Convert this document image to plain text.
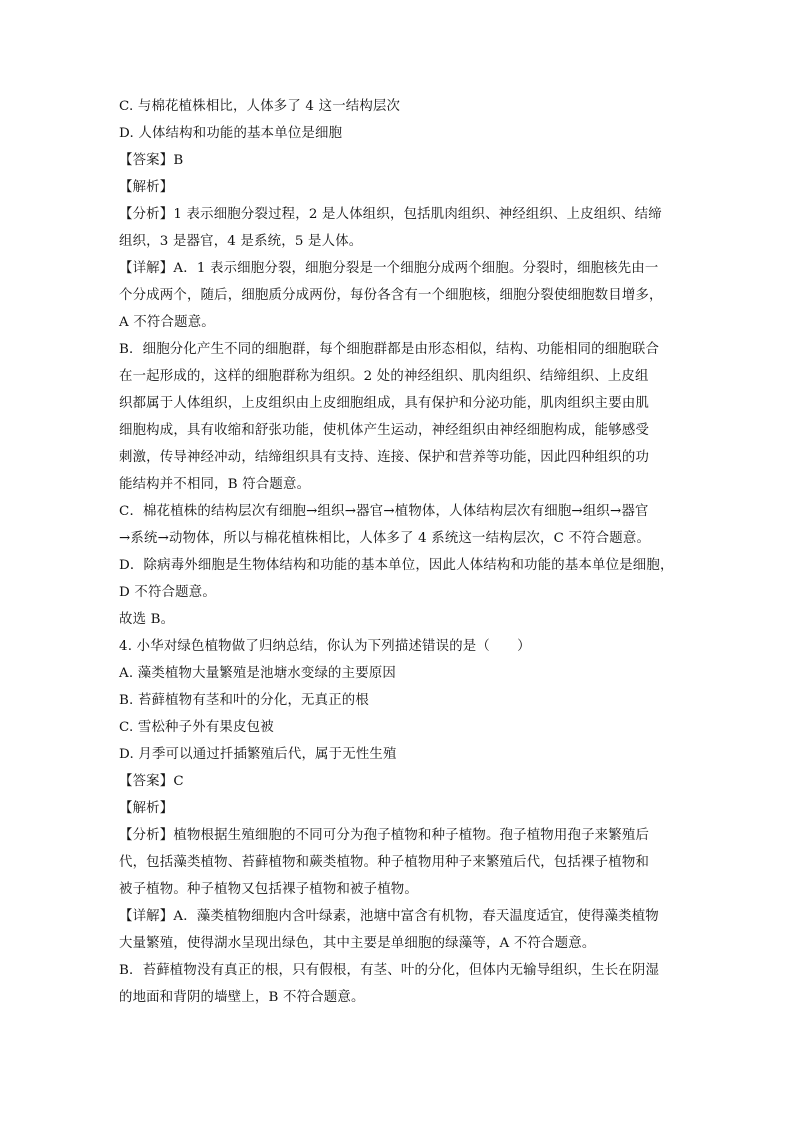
C. 与棉花植株相比，人体多了 4 这一结构层次
D. 人体结构和功能的基本单位是细胞
【答案】B
【解析】
【分析】1 表示细胞分裂过程，2 是人体组织，包括肌肉组织、神经组织、上皮组织、结缔
组织，3 是器官，4 是系统，5 是人体。
【详解】A．1 表示细胞分裂，细胞分裂是一个细胞分成两个细胞。分裂时，细胞核先由一
个分成两个，随后，细胞质分成两份，每份各含有一个细胞核，细胞分裂使细胞数目增多，
A 不符合题意。
B．细胞分化产生不同的细胞群，每个细胞群都是由形态相似，结构、功能相同的细胞联合
在一起形成的，这样的细胞群称为组织。2 处的神经组织、肌肉组织、结缔组织、上皮组
织都属于人体组织，上皮组织由上皮细胞组成，具有保护和分泌功能，肌肉组织主要由肌
细胞构成，具有收缩和舒张功能，使机体产生运动，神经组织由神经细胞构成，能够感受
刺激，传导神经冲动，结缔组织具有支持、连接、保护和营养等功能，因此四种组织的功
能结构并不相同，B 符合题意。
C．棉花植株的结构层次有细胞→组织→器官→植物体，人体结构层次有细胞→组织→器官
→系统→动物体，所以与棉花植株相比，人体多了 4 系统这一结构层次，C 不符合题意。
D．除病毒外细胞是生物体结构和功能的基本单位，因此人体结构和功能的基本单位是细胞，
D 不符合题意。
故选 B。
4. 小华对绿色植物做了归纳总结，你认为下列描述错误的是（　　）
A. 藻类植物大量繁殖是池塘水变绿的主要原因
B. 苔藓植物有茎和叶的分化，无真正的根
C. 雪松种子外有果皮包被
D. 月季可以通过扦插繁殖后代，属于无性生殖
【答案】C
【解析】
【分析】植物根据生殖细胞的不同可分为孢子植物和种子植物。孢子植物用孢子来繁殖后
代，包括藻类植物、苔藓植物和蕨类植物。种子植物用种子来繁殖后代，包括裸子植物和
被子植物。种子植物又包括裸子植物和被子植物。
【详解】A．藻类植物细胞内含叶绿素，池塘中富含有机物，春天温度适宜，使得藻类植物
大量繁殖，使得湖水呈现出绿色，其中主要是单细胞的绿藻等，A 不符合题意。
B．苔藓植物没有真正的根，只有假根，有茎、叶的分化，但体内无输导组织，生长在阴湿
的地面和背阴的墙壁上，B 不符合题意。
